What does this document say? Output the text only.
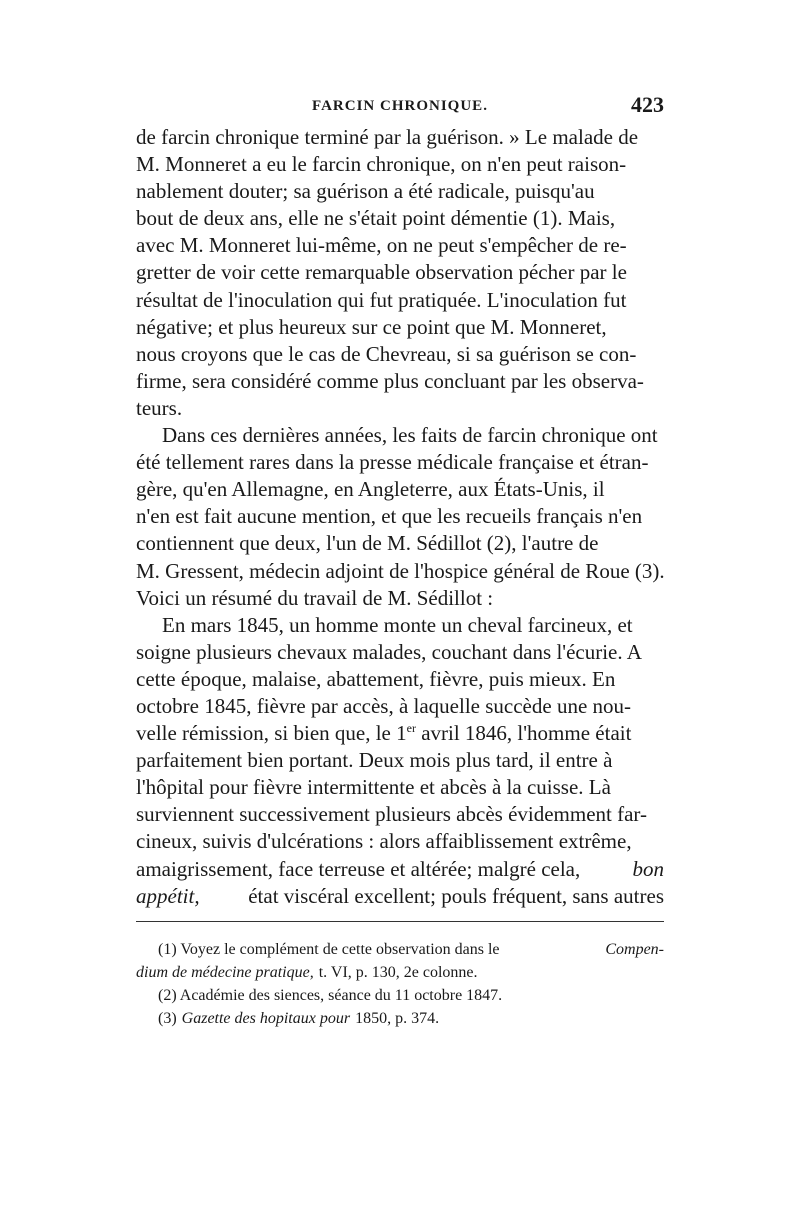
FARCIN CHRONIQUE.	423
de farcin chronique terminé par la guérison. » Le malade de
M. Monneret a eu le farcin chronique, on n'en peut raison-
nablement douter; sa guérison a été radicale, puisqu'au
bout de deux ans, elle ne s'était point démentie (1). Mais,
avec M. Monneret lui-même, on ne peut s'empêcher de re-
gretter de voir cette remarquable observation pécher par le
résultat de l'inoculation qui fut pratiquée. L'inoculation fut
négative; et plus heureux sur ce point que M. Monneret,
nous croyons que le cas de Chevreau, si sa guérison se con-
firme, sera considéré comme plus concluant par les observa-
teurs.
Dans ces dernières années, les faits de farcin chronique ont
été tellement rares dans la presse médicale française et étran-
gère, qu'en Allemagne, en Angleterre, aux États-Unis, il
n'en est fait aucune mention, et que les recueils français n'en
contiennent que deux, l'un de M. Sédillot (2), l'autre de
M. Gressent, médecin adjoint de l'hospice général de Roue (3).
Voici un résumé du travail de M. Sédillot :
En mars 1845, un homme monte un cheval farcineux, et
soigne plusieurs chevaux malades, couchant dans l'écurie. A
cette époque, malaise, abattement, fièvre, puis mieux. En
octobre 1845, fièvre par accès, à laquelle succède une nou-
velle rémission, si bien que, le 1er avril 1846, l'homme était
parfaitement bien portant. Deux mois plus tard, il entre à
l'hôpital pour fièvre intermittente et abcès à la cuisse. Là
surviennent successivement plusieurs abcès évidemment far-
cineux, suivis d'ulcérations : alors affaiblissement extrême,
amaigrissement, face terreuse et altérée; malgré cela, bon
appétit, état viscéral excellent; pouls fréquent, sans autres
(1) Voyez le complément de cette observation dans le	Compen-
dium de médecine pratique, t. VI, p. 130, 2e colonne.
(2) Académie des siences, séance du 11 octobre 1847.
(3) Gazette des hopitaux pour 1850, p. 374.
